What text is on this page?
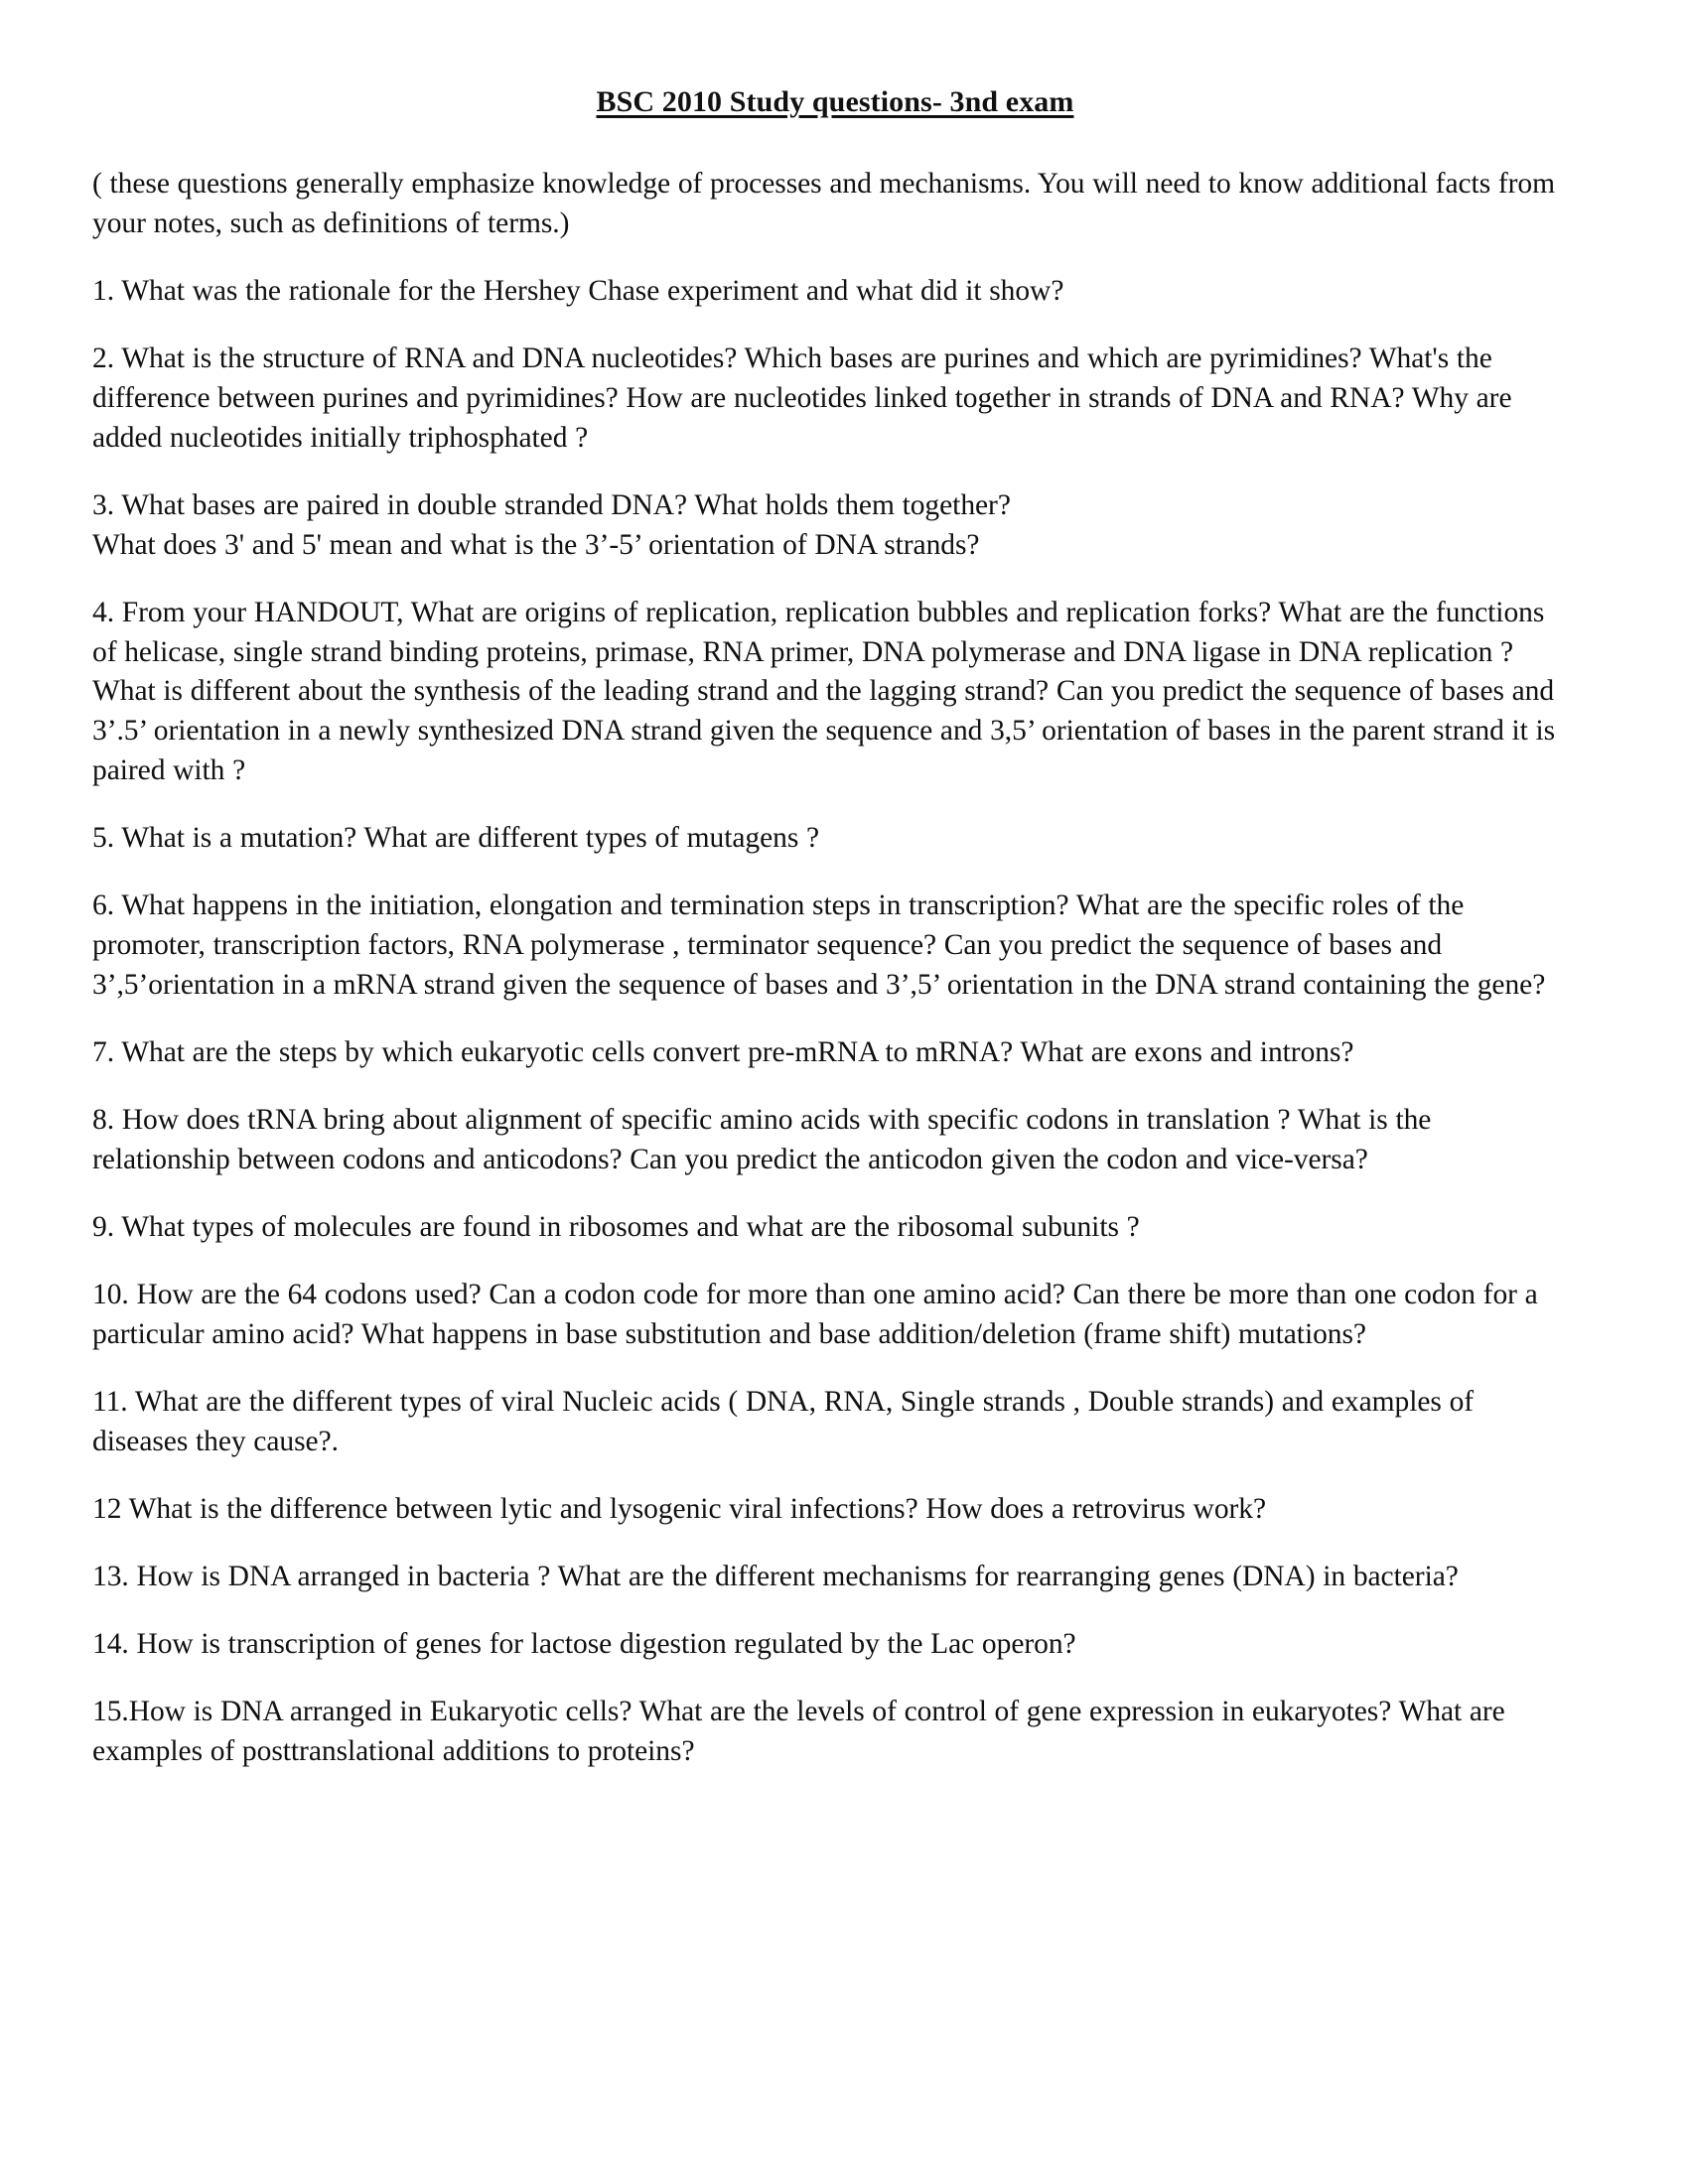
BSC 2010 Study questions- 3nd exam

( these questions generally emphasize knowledge of processes and mechanisms. You will need to know additional facts from your notes, such as definitions of terms.)

1. What was the rationale for the Hershey Chase experiment and what did it show?

2. What is the structure of RNA and DNA nucleotides? Which bases are purines and which are pyrimidines? What's the difference between purines and pyrimidines? How are nucleotides linked together in strands of DNA and RNA? Why are added nucleotides initially triphosphated ?

3. What bases are paired in double stranded DNA? What holds them together?

What does 3' and 5' mean and what is the 3’-5’ orientation of DNA strands?

4. From your HANDOUT, What are origins of replication, replication bubbles and replication forks? What are the functions of helicase, single strand binding proteins, primase, RNA primer, DNA polymerase and DNA ligase in DNA replication ? What is different about the synthesis of the leading strand and the lagging strand? Can you predict the sequence of bases and 3’.5’ orientation in a newly synthesized DNA strand given the sequence and 3,5’ orientation of bases in the parent strand it is paired with ?

5. What is a mutation? What are different types of mutagens ?

6. What happens in the initiation, elongation and termination steps in transcription? What are the specific roles of the promoter, transcription factors, RNA polymerase , terminator sequence? Can you predict the sequence of bases and 3’,5’orientation in a mRNA strand given the sequence of bases and 3’,5’ orientation in the DNA strand containing the gene?

7. What are the steps by which eukaryotic cells convert pre-mRNA to mRNA? What are exons and introns?

8. How does tRNA bring about alignment of specific amino acids with specific codons in translation ? What is the relationship between codons and anticodons? Can you predict the anticodon given the codon and vice-versa?

9. What types of molecules are found in ribosomes and what are the ribosomal subunits ?

10. How are the 64 codons used? Can a codon code for more than one amino acid? Can there be more than one codon for a particular amino acid? What happens in base substitution and base addition/deletion (frame shift) mutations?

11. What are the different types of viral Nucleic acids ( DNA, RNA, Single strands , Double strands) and examples of diseases they cause?.

12 What is the difference between lytic and lysogenic viral infections? How does a retrovirus work?

13. How is DNA arranged in bacteria ? What are the different mechanisms for rearranging genes (DNA) in bacteria?

14. How is transcription of genes for lactose digestion regulated by the Lac operon?

15.How is DNA arranged in Eukaryotic cells? What are the levels of control of gene expression in eukaryotes? What are examples of posttranslational additions to proteins?
